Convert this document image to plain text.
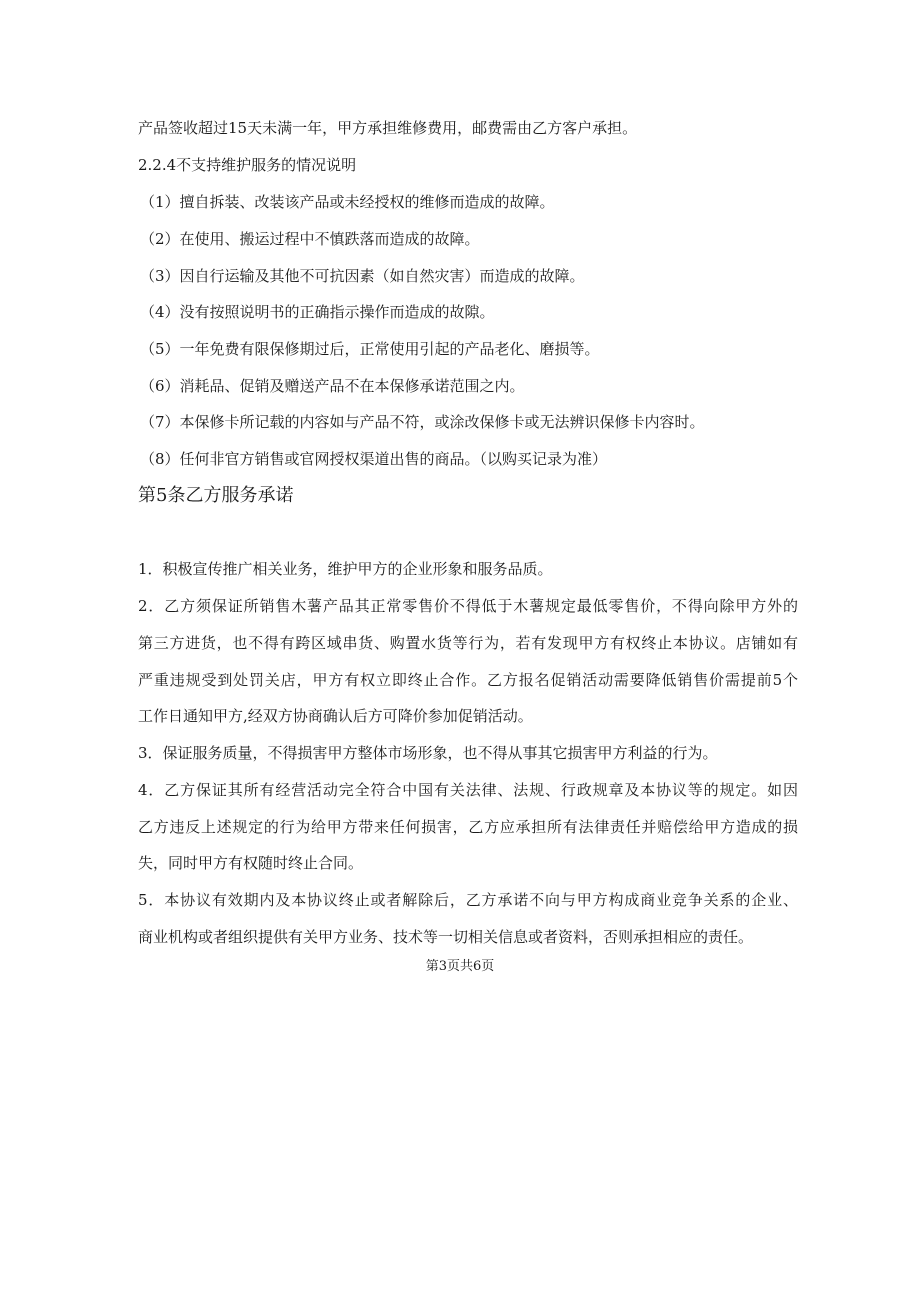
产品签收超过15天未满一年，甲方承担维修费用，邮费需由乙方客户承担。

2.2.4不支持维护服务的情况说明

（1）擅自拆装、改装该产品或未经授权的维修而造成的故障。

（2）在使用、搬运过程中不慎跌落而造成的故障。

（3）因自行运输及其他不可抗因素（如自然灾害）而造成的故障。

（4）没有按照说明书的正确指示操作而造成的故隙。

（5）一年免费有限保修期过后，正常使用引起的产品老化、磨损等。

（6）消耗品、促销及赠送产品不在本保修承诺范围之内。

（7）本保修卡所记载的内容如与产品不符，或涂改保修卡或无法辨识保修卡内容时。

（8）任何非官方销售或官网授权渠道出售的商品。（以购买记录为准）

第5条乙方服务承诺

1．积极宣传推广相关业务，维护甲方的企业形象和服务品质。

2．乙方须保证所销售木薯产品其正常零售价不得低于木薯规定最低零售价，不得向除甲方外的

第三方进货，也不得有跨区域串货、购置水货等行为，若有发现甲方有权终止本协议。店铺如有

严重违规受到处罚关店，甲方有权立即终止合作。乙方报名促销活动需要降低销售价需提前5个

工作日通知甲方,经双方协商确认后方可降价参加促销活动。

3．保证服务质量，不得损害甲方整体市场形象，也不得从事其它损害甲方利益的行为。

4．乙方保证其所有经营活动完全符合中国有关法律、法规、行政规章及本协议等的规定。如因

乙方违反上述规定的行为给甲方带来任何损害，乙方应承担所有法律责任并赔偿给甲方造成的损

失，同时甲方有权随时终止合同。

5．本协议有效期内及本协议终止或者解除后，乙方承诺不向与甲方构成商业竞争关系的企业、

商业机构或者组织提供有关甲方业务、技术等一切相关信息或者资料，否则承担相应的责任。

第3页共6页
